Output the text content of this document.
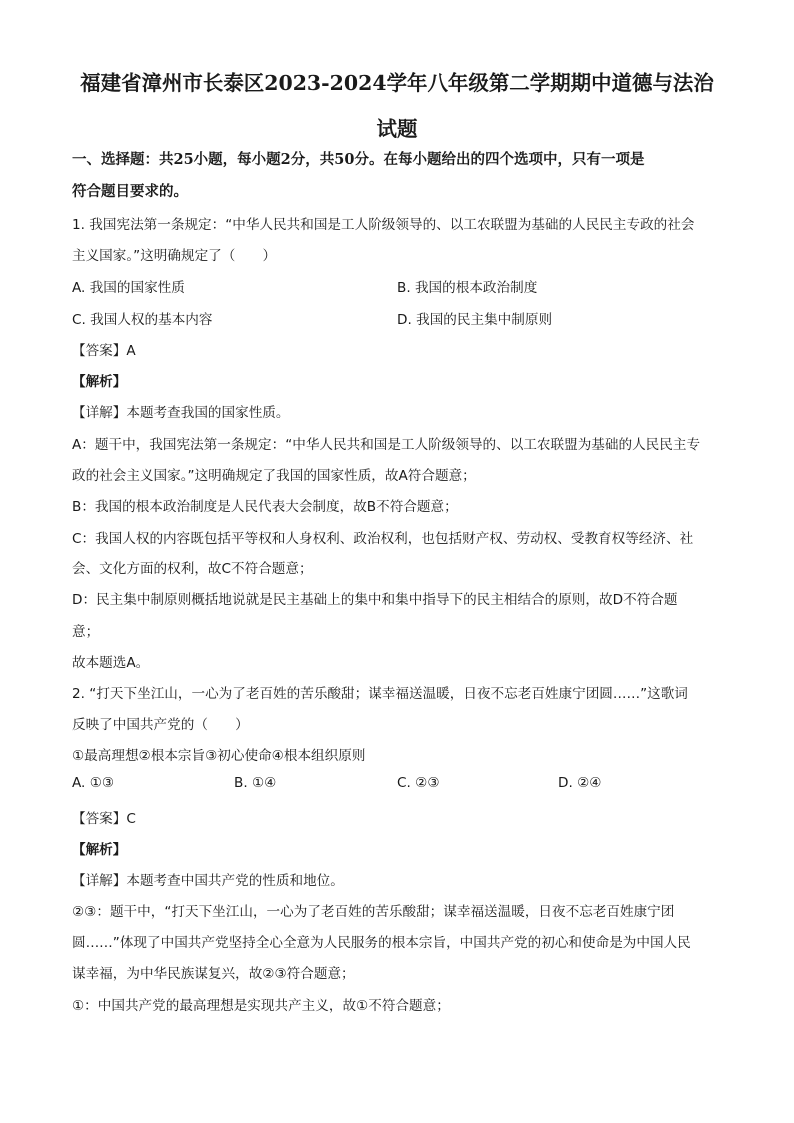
福建省漳州市长泰区2023-2024学年八年级第二学期期中道德与法治
试题
一、选择题：共25小题，每小题2分，共50分。在每小题给出的四个选项中，只有一项是
符合题目要求的。
1. 我国宪法第一条规定：“中华人民共和国是工人阶级领导的、以工农联盟为基础的人民民主专政的社会
主义国家。”这明确规定了（　　）
A. 我国的国家性质	B. 我国的根本政治制度
C. 我国人权的基本内容	D. 我国的民主集中制原则
【答案】A
【解析】
【详解】本题考查我国的国家性质。
A：题干中，我国宪法第一条规定：“中华人民共和国是工人阶级领导的、以工农联盟为基础的人民民主专
政的社会主义国家。”这明确规定了我国的国家性质，故A符合题意；
B：我国的根本政治制度是人民代表大会制度，故B不符合题意；
C：我国人权的内容既包括平等权和人身权利、政治权利，也包括财产权、劳动权、受教育权等经济、社
会、文化方面的权利，故C不符合题意；
D：民主集中制原则概括地说就是民主基础上的集中和集中指导下的民主相结合的原则，故D不符合题
意；
故本题选A。
2. “打天下坐江山，一心为了老百姓的苦乐酸甜；谋幸福送温暖，日夜不忘老百姓康宁团圆……”这歌词
反映了中国共产党的（　　）
①最高理想②根本宗旨③初心使命④根本组织原则
A. ①③	B. ①④	C. ②③	D. ②④
【答案】C
【解析】
【详解】本题考查中国共产党的性质和地位。
②③：题干中，“打天下坐江山，一心为了老百姓的苦乐酸甜；谋幸福送温暖，日夜不忘老百姓康宁团
圆……”体现了中国共产党坚持全心全意为人民服务的根本宗旨，中国共产党的初心和使命是为中国人民
谋幸福，为中华民族谋复兴，故②③符合题意；
①：中国共产党的最高理想是实现共产主义，故①不符合题意；
